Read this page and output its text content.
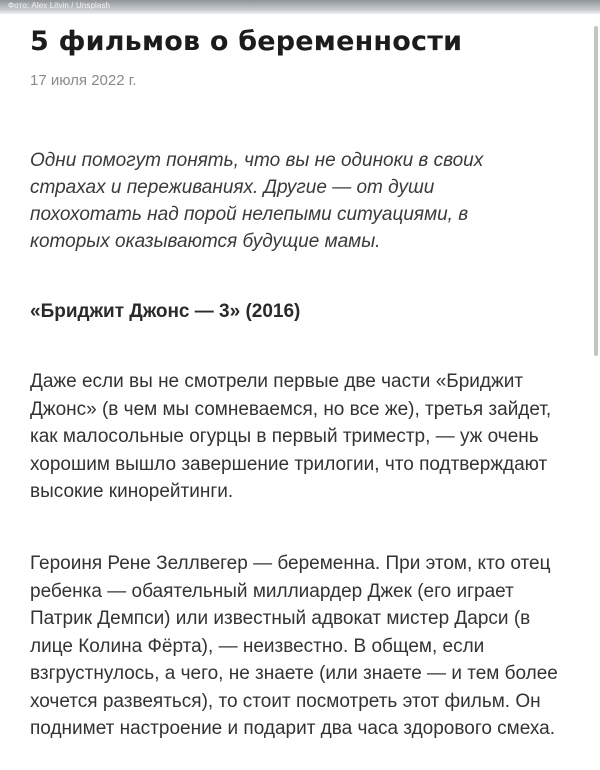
Фото: Alex Litvin / Unsplash
5 фильмов о беременности
17 июля 2022 г.

Одни помогут понять, что вы не одиноки в своих страхах и переживаниях. Другие — от души похохотать над порой нелепыми ситуациями, в которых оказываются будущие мамы.

«Бриджит Джонс — 3» (2016)

Даже если вы не смотрели первые две части «Бриджит Джонс» (в чем мы сомневаемся, но все же), третья зайдет, как малосольные огурцы в первый триместр, — уж очень хорошим вышло завершение трилогии, что подтверждают высокие кинорейтинги.

Героиня Рене Зеллвегер — беременна. При этом, кто отец ребенка — обаятельный миллиардер Джек (его играет Патрик Демпси) или известный адвокат мистер Дарси (в лице Колина Фёрта), — неизвестно. В общем, если взгрустнулось, а чего, не знаете (или знаете — и тем более хочется развеяться), то стоит посмотреть этот фильм. Он поднимет настроение и подарит два часа здорового смеха.
